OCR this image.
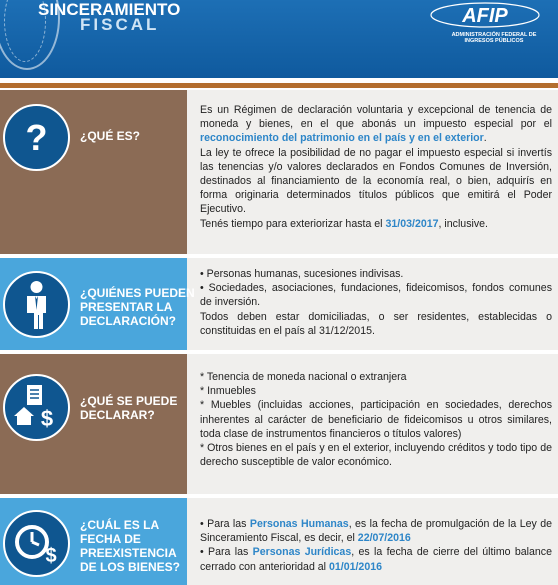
SINCERAMIENTO
FISCAL	AFIP
ADMINISTRACIÓN FEDERAL DE INGRESOS PÚBLICOS
?	¿QUÉ ES?

Es un Régimen de declaración voluntaria y excepcional de tenencia de moneda y bienes, en el que abonás un impuesto especial por el reconocimiento del patrimonio en el país y en el exterior.

La ley te ofrece la posibilidad de no pagar el impuesto especial si invertís las tenencias y/o valores declarados en Fondos Comunes de Inversión, destinados al financiamiento de la economía real, o bien, adquirís en forma originaria determinados títulos públicos que emitirá el Poder Ejecutivo.

Tenés tiempo para exteriorizar hasta el 31/03/2017, inclusive.

¿QUIÉNES PUEDEN
PRESENTAR LA
DECLARACIÓN?

• Personas humanas, sucesiones indivisas.

• Sociedades, asociaciones, fundaciones, fideicomisos, fondos comunes de inversión.

Todos deben estar domiciliadas, o ser residentes, establecidas o constituidas en el país al 31/12/2015.

$
¿QUÉ SE PUEDE
DECLARAR?

* Tenencia de moneda nacional o extranjera

* Inmuebles

* Muebles (incluidas acciones, participación en sociedades, derechos inherentes al carácter de beneficiario de fideicomisos u otros similares, toda clase de instrumentos financieros o títulos valores)

* Otros bienes en el país y en el exterior, incluyendo créditos y todo tipo de derecho susceptible de valor económico.

$
¿CUÁL ES LA
FECHA DE
PREEXISTENCIA
DE LOS BIENES?

• Para las Personas Humanas, es la fecha de promulgación de la Ley de Sinceramiento Fiscal, es decir, el 22/07/2016

• Para las Personas Jurídicas, es la fecha de cierre del último balance cerrado con anterioridad al 01/01/2016
